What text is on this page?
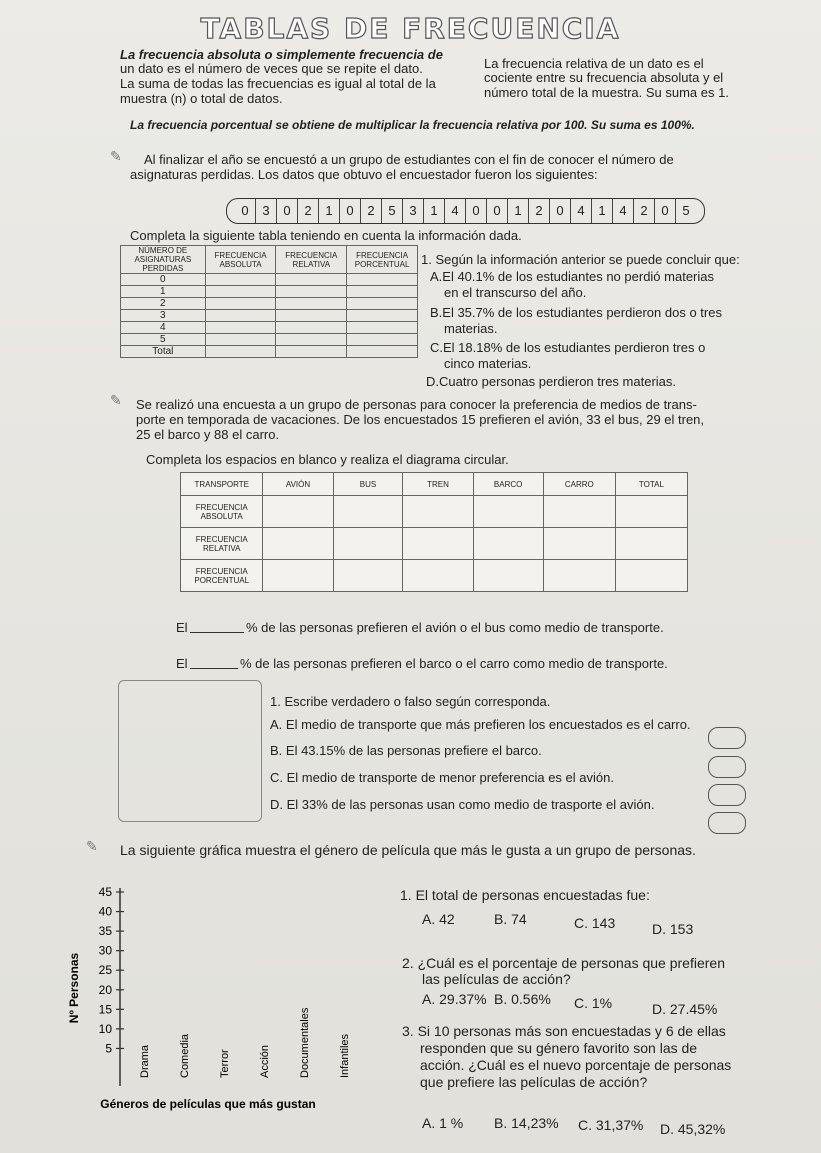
TABLAS DE FRECUENCIA
La frecuencia absoluta o simplemente frecuencia de
un dato es el número de veces que se repite el dato.
La suma de todas las frecuencias es igual al total de la
muestra (n) o total de datos.
La frecuencia relativa de un dato es el
cociente entre su frecuencia absoluta y el
número total de la muestra. Su suma es 1.
La frecuencia porcentual se obtiene de multiplicar la frecuencia relativa por 100. Su suma es 100%.
✎ Al finalizar el año se encuestó a un grupo de estudiantes con el fin de conocer el número de
asignaturas perdidas. Los datos que obtuvo el encuestador fueron los siguientes:
0	3	0	2	1	0	2	5	3	1	4	0	0	1	2	0	4	1	4	2	0	5
Completa la siguiente tabla teniendo en cuenta la información dada.
NÚMERO DE ASIGNATURAS PERDIDAS	FRECUENCIA ABSOLUTA	FRECUENCIA RELATIVA	FRECUENCIA PORCENTUAL
0			
1			
2			
3			
4			
5			
Total			
1. Según la información anterior se puede concluir que:
A.El 40.1% de los estudiantes no perdió materias
en el transcurso del año.
B.El 35.7% de los estudiantes perdieron dos o tres
materias.
C.El 18.18% de los estudiantes perdieron tres o
cinco materias.
D.Cuatro personas perdieron tres materias.
✎ Se realizó una encuesta a un grupo de personas para conocer la preferencia de medios de trans-
porte en temporada de vacaciones. De los encuestados 15 prefieren el avión, 33 el bus, 29 el tren,
25 el barco y 88 el carro.
Completa los espacios en blanco y realiza el diagrama circular.
TRANSPORTE	AVIÓN	BUS	TREN	BARCO	CARRO	TOTAL
FRECUENCIA ABSOLUTA						
FRECUENCIA RELATIVA						
FRECUENCIA PORCENTUAL						
El	% de las personas prefieren el avión o el bus como medio de transporte.
El	% de las personas prefieren el barco o el carro como medio de transporte.
1. Escribe verdadero o falso según corresponda.
A. El medio de transporte que más prefieren los encuestados es el carro.
B. El 43.15% de las personas prefiere el barco.
C. El medio de transporte de menor preferencia es el avión.
D. El 33% de las personas usan como medio de trasporte el avión.
✎ La siguiente gráfica muestra el género de película que más le gusta a un grupo de personas.
5
10
15
20
25
30
35
40
45
Drama	Comedia	Terror	Acción	Documentales	Infantiles
Nº Personas
Géneros de películas que más gustan
1. El total de personas encuestadas fue:
A. 42	B. 74	C. 143	D. 153
2. ¿Cuál es el porcentaje de personas que prefieren
las películas de acción?
A. 29.37% B. 0.56% C. 1%	D. 27.45%
3. Si 10 personas más son encuestadas y 6 de ellas
responden que su género favorito son las de
acción. ¿Cuál es el nuevo porcentaje de personas
que prefiere las películas de acción?
A. 1 % B. 14,23% C. 31,37% D. 45,32%
